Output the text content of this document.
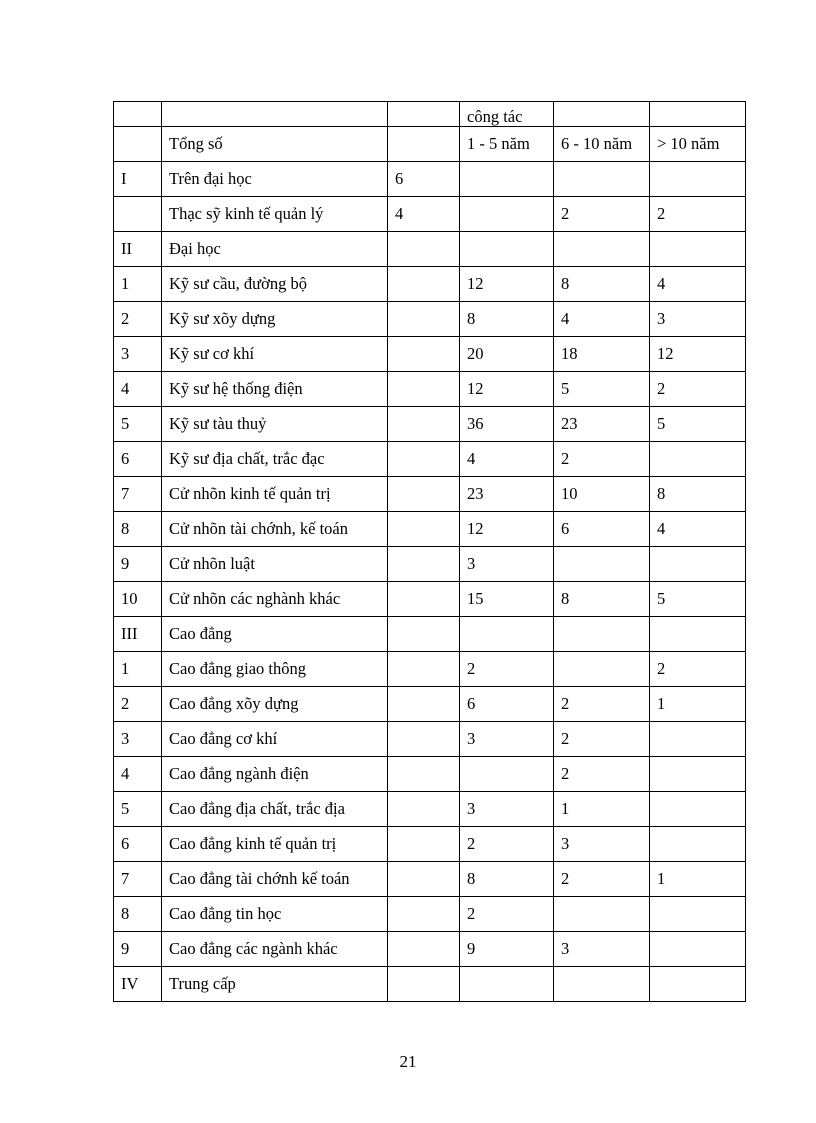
			công tác		
	Tổng số		1 - 5 năm	6 - 10 năm	> 10 năm
I	Trên đại học	6			
	Thạc sỹ kinh tế quản lý	4		2	2
II	Đại học				
1	Kỹ sư cầu, đường bộ		12	8	4
2	Kỹ sư xõy dựng		8	4	3
3	Kỹ sư cơ khí		20	18	12
4	Kỹ sư hệ thống điện		12	5	2
5	Kỹ sư tàu thuỷ		36	23	5
6	Kỹ sư địa chất, trắc đạc		4	2	
7	Cử nhõn kinh tế quản trị		23	10	8
8	Cử nhõn tài chớnh, kế toán		12	6	4
9	Cử nhõn luật		3		
10	Cử nhõn các nghành khác		15	8	5
III	Cao đẳng				
1	Cao đẳng giao thông		2		2
2	Cao đẳng xõy dựng		6	2	1
3	Cao đẳng cơ khí		3	2	
4	Cao đẳng ngành điện			2	
5	Cao đẳng địa chất, trắc địa		3	1	
6	Cao đẳng kinh tế quản trị		2	3	
7	Cao đẳng tài chớnh kế toán		8	2	1
8	Cao đẳng tin học		2		
9	Cao đẳng các ngành khác		9	3	
IV	Trung cấp				
21
